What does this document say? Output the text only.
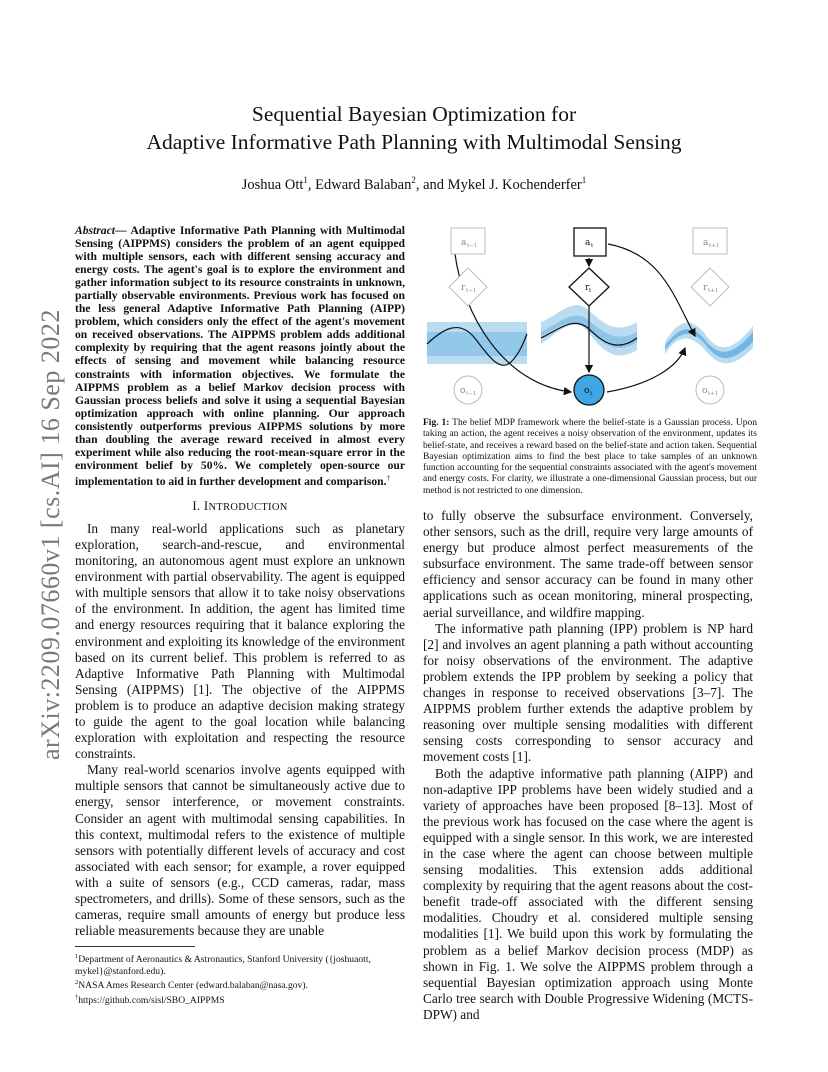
arXiv:2209.07660v1 [cs.AI] 16 Sep 2022
Sequential Bayesian Optimization for
Adaptive Informative Path Planning with Multimodal Sensing
Joshua Ott$^1$, Edward Balaban$^2$, and Mykel J. Kochenderfer$^1$
Abstract— Adaptive Informative Path Planning with Multimodal Sensing (AIPPMS) considers the problem of an agent equipped with multiple sensors, each with different sensing accuracy and energy costs. The agent's goal is to explore the environment and gather information subject to its resource constraints in unknown, partially observable environments. Previous work has focused on the less general Adaptive Informative Path Planning (AIPP) problem, which considers only the effect of the agent's movement on received observations. The AIPPMS problem adds additional complexity by requiring that the agent reasons jointly about the effects of sensing and movement while balancing resource constraints with information objectives. We formulate the AIPPMS problem as a belief Markov decision process with Gaussian process beliefs and solve it using a sequential Bayesian optimization approach with online planning. Our approach consistently outperforms previous AIPPMS solutions by more than doubling the average reward received in almost every experiment while also reducing the root-mean-square error in the environment belief by 50%. We completely open-source our implementation to aid in further development and comparison.†
I. INTRODUCTION

In many real-world applications such as planetary exploration, search-and-rescue, and environmental monitoring, an autonomous agent must explore an unknown environment with partial observability. The agent is equipped with multiple sensors that allow it to take noisy observations of the environment. In addition, the agent has limited time and energy resources requiring that it balance exploring the environment and exploiting its knowledge of the environment based on its current belief. This problem is referred to as Adaptive Informative Path Planning with Multimodal Sensing (AIPPMS) [1]. The objective of the AIPPMS problem is to produce an adaptive decision making strategy to guide the agent to the goal location while balancing exploration with exploitation and respecting the resource constraints.

Many real-world scenarios involve agents equipped with multiple sensors that cannot be simultaneously active due to energy, sensor interference, or movement constraints. Consider an agent with multimodal sensing capabilities. In this context, multimodal refers to the existence of multiple sensors with potentially different levels of accuracy and cost associated with each sensor; for example, a rover equipped with a suite of sensors (e.g., CCD cameras, radar, mass spectrometers, and drills). Some of these sensors, such as the cameras, require small amounts of energy but produce less reliable measurements because they are unable

$^1$Department of Aeronautics & Astronautics, Stanford University ({joshuaott, mykel}@stanford.edu).
$^2$NASA Ames Research Center (edward.balaban@nasa.gov).
†https://github.com/sisl/SBO_AIPPMS
a t−1	a t	a t+1
r t−1	r t	r t+1
o t−1	o t	o t+1
Fig. 1: The belief MDP framework where the belief-state is a Gaussian process. Upon taking an action, the agent receives a noisy observation of the environment, updates its belief-state, and receives a reward based on the belief-state and action taken. Sequential Bayesian optimization aims to find the best place to take samples of an unknown function accounting for the sequential constraints associated with the agent's movement and energy costs. For clarity, we illustrate a one-dimensional Gaussian process, but our method is not restricted to one dimension.

to fully observe the subsurface environment. Conversely, other sensors, such as the drill, require very large amounts of energy but produce almost perfect measurements of the subsurface environment. The same trade-off between sensor efficiency and sensor accuracy can be found in many other applications such as ocean monitoring, mineral prospecting, aerial surveillance, and wildfire mapping.

The informative path planning (IPP) problem is NP hard [2] and involves an agent planning a path without accounting for noisy observations of the environment. The adaptive problem extends the IPP problem by seeking a policy that changes in response to received observations [3–7]. The AIPPMS problem further extends the adaptive problem by reasoning over multiple sensing modalities with different sensing costs corresponding to sensor accuracy and movement costs [1].

Both the adaptive informative path planning (AIPP) and non-adaptive IPP problems have been widely studied and a variety of approaches have been proposed [8–13]. Most of the previous work has focused on the case where the agent is equipped with a single sensor. In this work, we are interested in the case where the agent can choose between multiple sensing modalities. This extension adds additional complexity by requiring that the agent reasons about the cost-benefit trade-off associated with the different sensing modalities. Choudry et al. considered multiple sensing modalities [1]. We build upon this work by formulating the problem as a belief Markov decision process (MDP) as shown in Fig. 1. We solve the AIPPMS problem through a sequential Bayesian optimization approach using Monte Carlo tree search with Double Progressive Widening (MCTS-DPW) and
